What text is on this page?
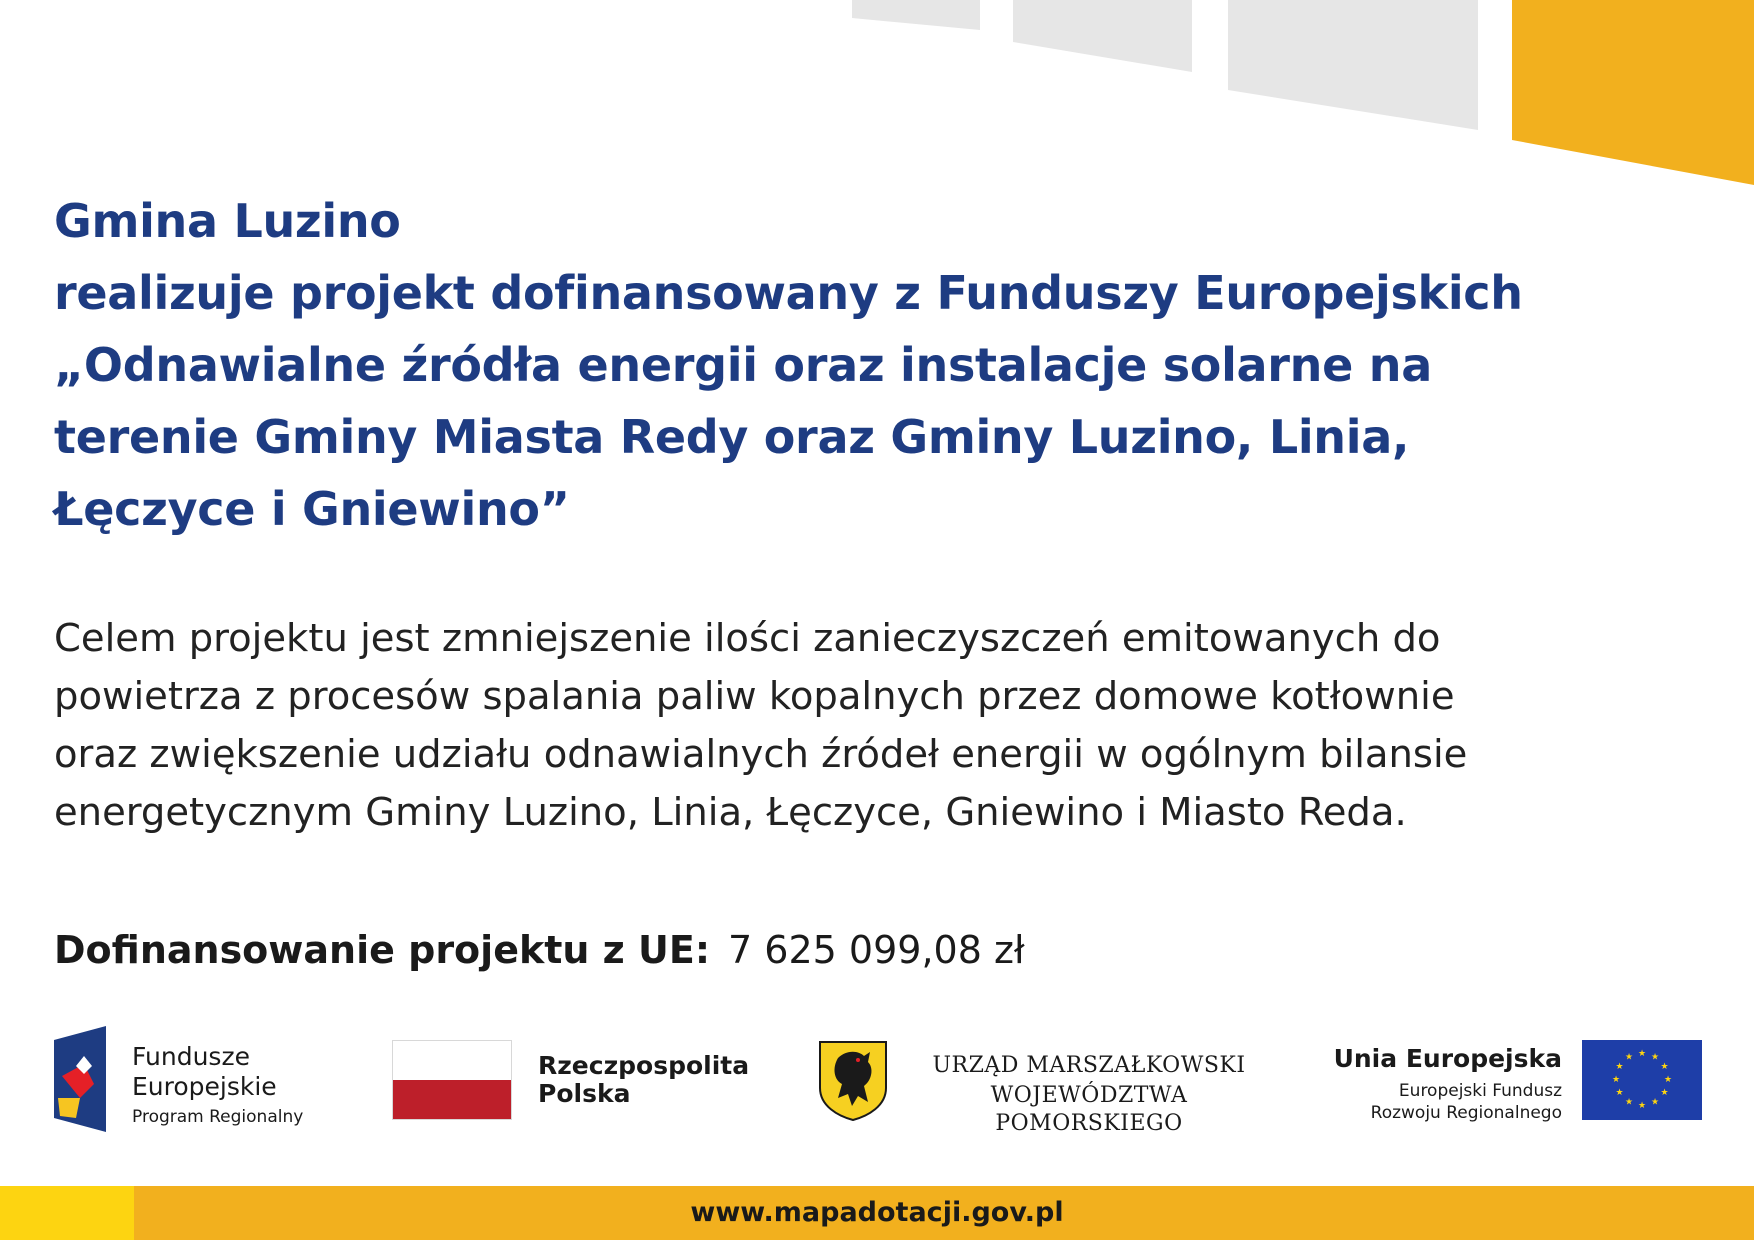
Gmina Luzino
realizuje projekt dofinansowany z Funduszy Europejskich
„Odnawialne źródła energii oraz instalacje solarne na
terenie Gminy Miasta Redy oraz Gminy Luzino, Linia,
Łęczyce i Gniewino”
Celem projektu jest zmniejszenie ilości zanieczyszczeń emitowanych do
powietrza z procesów spalania paliw kopalnych przez domowe kotłownie
oraz zwiększenie udziału odnawialnych źródeł energii w ogólnym bilansie
energetycznym Gminy Luzino, Linia, Łęczyce, Gniewino i Miasto Reda.
Dofinansowanie projektu z UE: 7 625 099,08 zł
Fundusze
Europejskie
Program Regionalny
Rzeczpospolita
Polska
URZĄD MARSZAŁKOWSKI
WOJEWÓDZTWA POMORSKIEGO
Unia Europejska
Europejski Fundusz
Rozwoju Regionalnego
★ ★
★
★
★
★
★
★
★
★
★
★
www.mapadotacji.gov.pl
